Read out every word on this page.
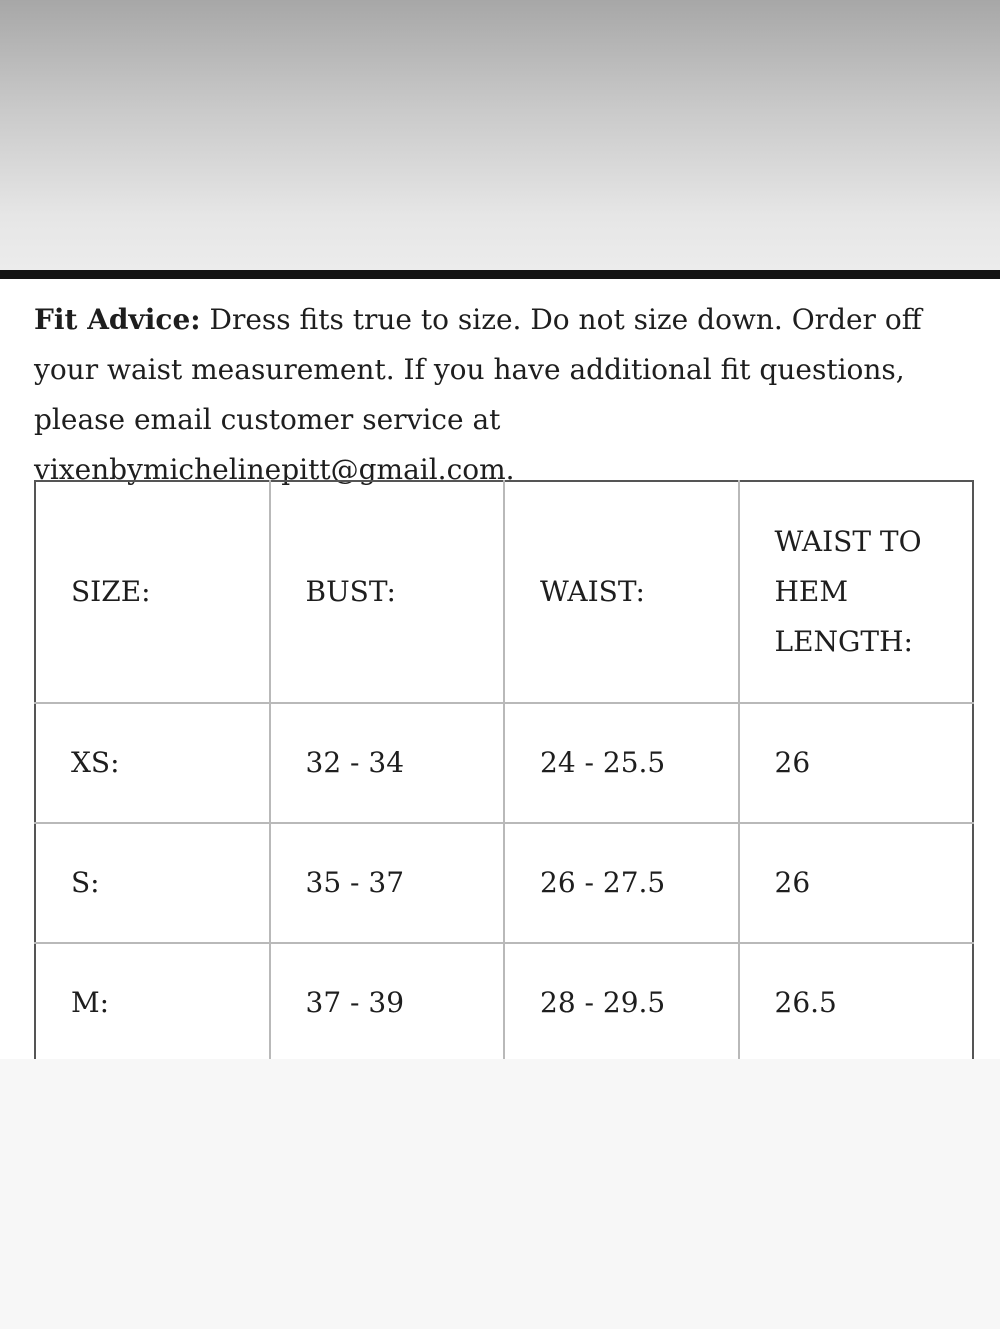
Fit Advice: Dress fits true to size. Do not size down. Order off your waist measurement. If you have additional fit questions, please email customer service at vixenbymichelinepitt@gmail.com.

SIZE:	BUST:	WAIST:	WAIST TO HEM LENGTH:
XS:	32 - 34	24 - 25.5	26
S:	35 - 37	26 - 27.5	26
M:	37 - 39	28 - 29.5	26.5
